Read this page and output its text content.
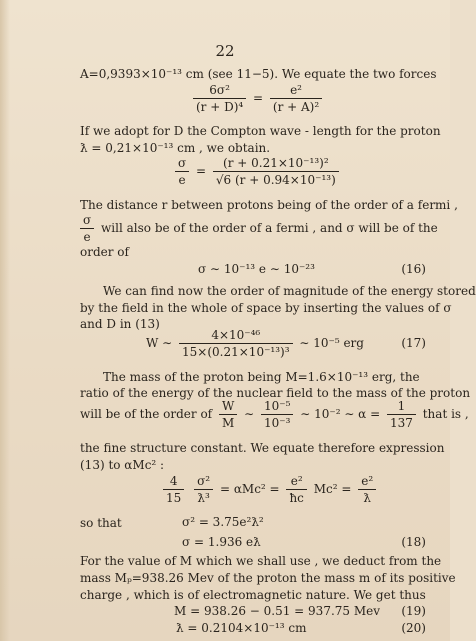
22
A=0,9393×10⁻¹³ cm (see 11−5). We equate the two forces
$\frac{\text{6σ²}}{\text{(r + D)⁴}} = \frac{\text{e²}}{\text{(r + A)²}}$
If we adopt for D the Compton wave - length for the proton
ƛ = 0,21×10⁻¹³ cm , we obtain.
$\frac{\sigma}{e} = \frac{\text{(r + 0.21×10⁻¹³)²}}{\text{√6 (r + 0.94×10⁻¹³)}}$
The distance r between protons being of the order of a fermi ,
$\frac{\sigma}{e}$ will also be of the order of a fermi , and σ will be of the
order of
σ ∼ 10⁻¹³ e ∼ 10⁻²³	(16)
We can find now the order of magnitude of the energy stored
by the field in the whole of space by inserting the values of σ
and D in (13)
W ∼ $\frac{\text{4×10⁻⁴⁶}}{\text{15×(0.21×10⁻¹³)³}}$ ∼ 10⁻⁵ erg	(17)
The mass of the proton being M=1.6×10⁻¹³ erg, the
ratio of the energy of the nuclear field to the mass of the proton
will be of the order of $\frac{W}{M}$ ∼ $\frac{\text{10⁻⁵}}{\text{10⁻³}}$ ∼ 10⁻² ∼ $\alpha = \frac{1}{137}$ that is ,
the fine structure constant. We equate therefore expression
(13) to αMc² :
$\frac{4}{15}$
$\frac{\text{σ²}}{\text{ƛ³}} = \alpha Mc^2 = \frac{\text{e²}}{ħc} Mc^2 = \frac{\text{e²}}{ƛ}$
so that	σ² = 3.75e²ƛ²
σ = 1.936 eƛ	(18)
For the value of M which we shall use , we deduct from the
mass Mₚ=938.26 Mev of the proton the mass m of its positive
charge , which is of electromagnetic nature. We get thus
M = 938.26 − 0.51 = 937.75 Mev (19)
ƛ = 0.2104×10⁻¹³ cm	(20)
